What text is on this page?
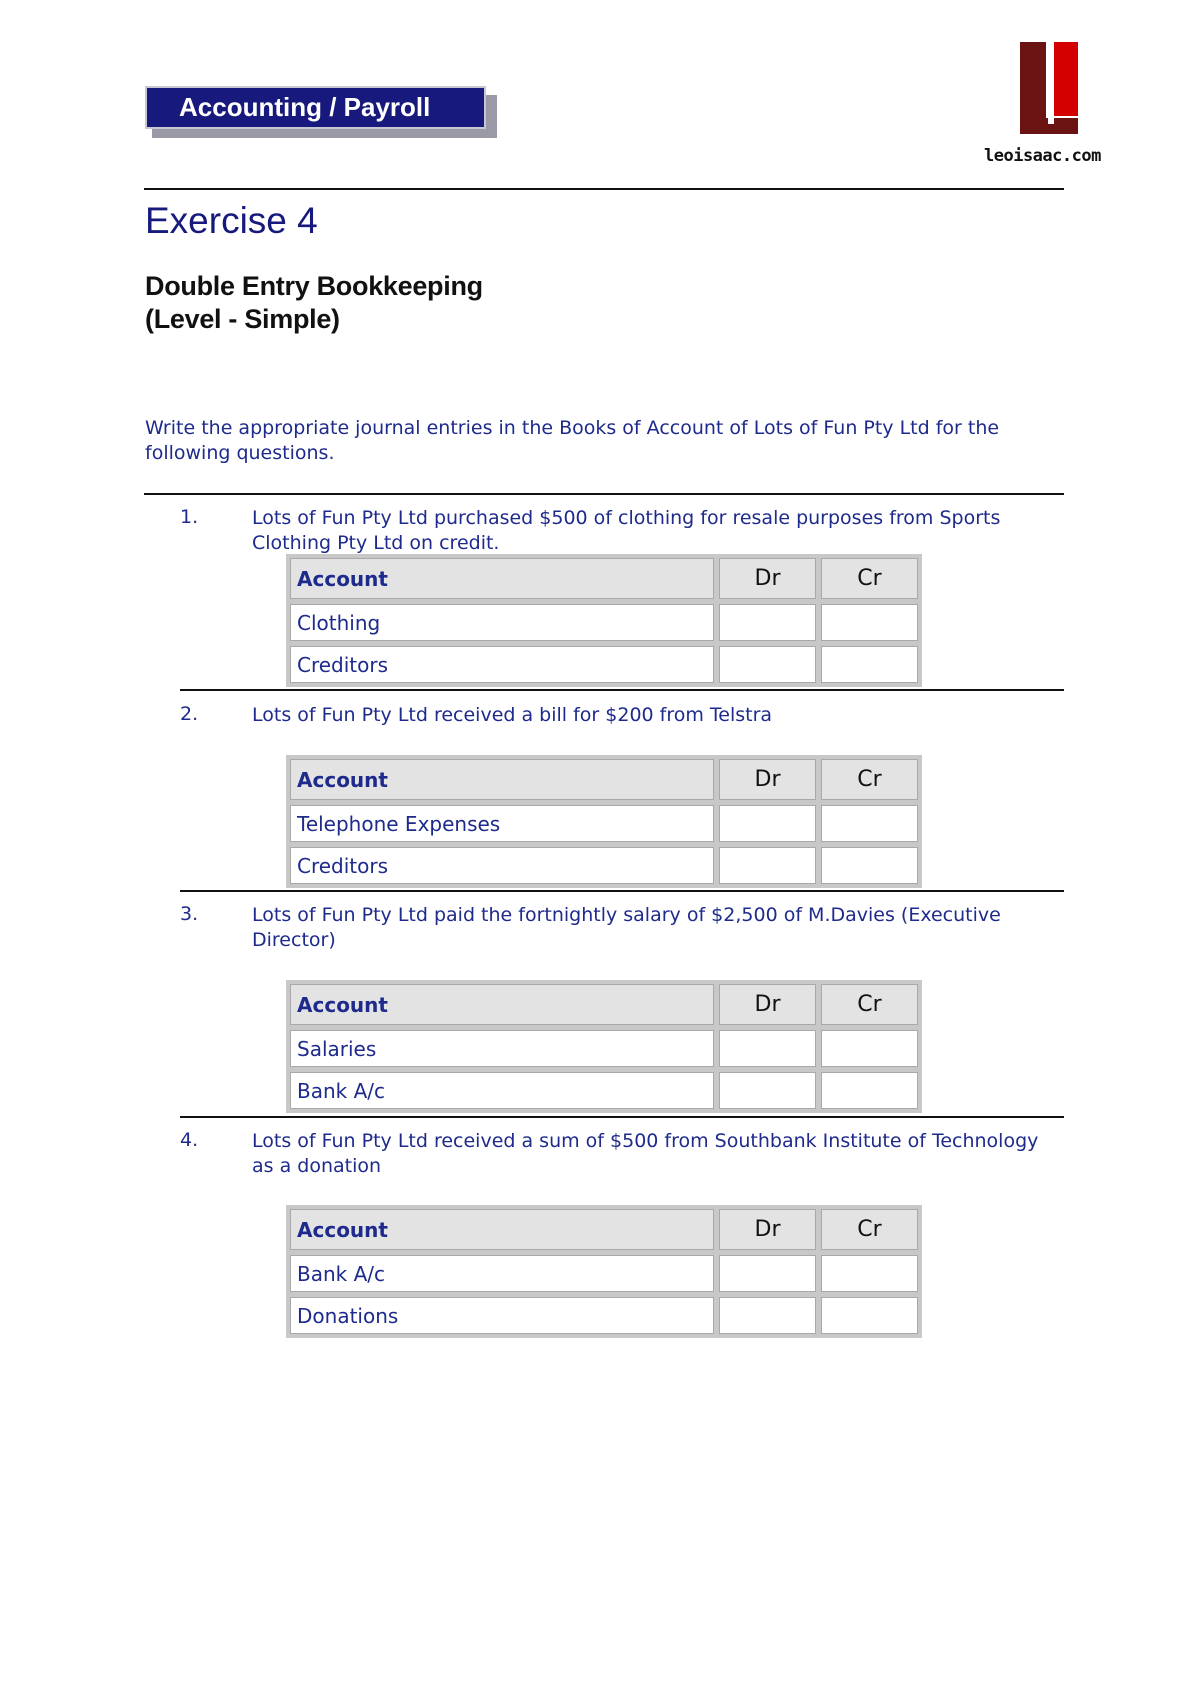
Accounting / Payroll
leoisaac.com
Exercise 4
Double Entry Bookkeeping
(Level - Simple)
Write the appropriate journal entries in the Books of Account of Lots of Fun Pty Ltd for the following questions.
1.	Lots of Fun Pty Ltd purchased $500 of clothing for resale purposes from Sports Clothing Pty Ltd on credit.
Account	Dr	Cr
Clothing
Creditors
2.	Lots of Fun Pty Ltd received a bill for $200 from Telstra
Account	Dr	Cr
Telephone Expenses
Creditors
3.	Lots of Fun Pty Ltd paid the fortnightly salary of $2,500 of M.Davies (Executive Director)
Account	Dr	Cr
Salaries
Bank A/c
4.	Lots of Fun Pty Ltd received a sum of $500 from Southbank Institute of Technology as a donation
Account	Dr	Cr
Bank A/c
Donations
